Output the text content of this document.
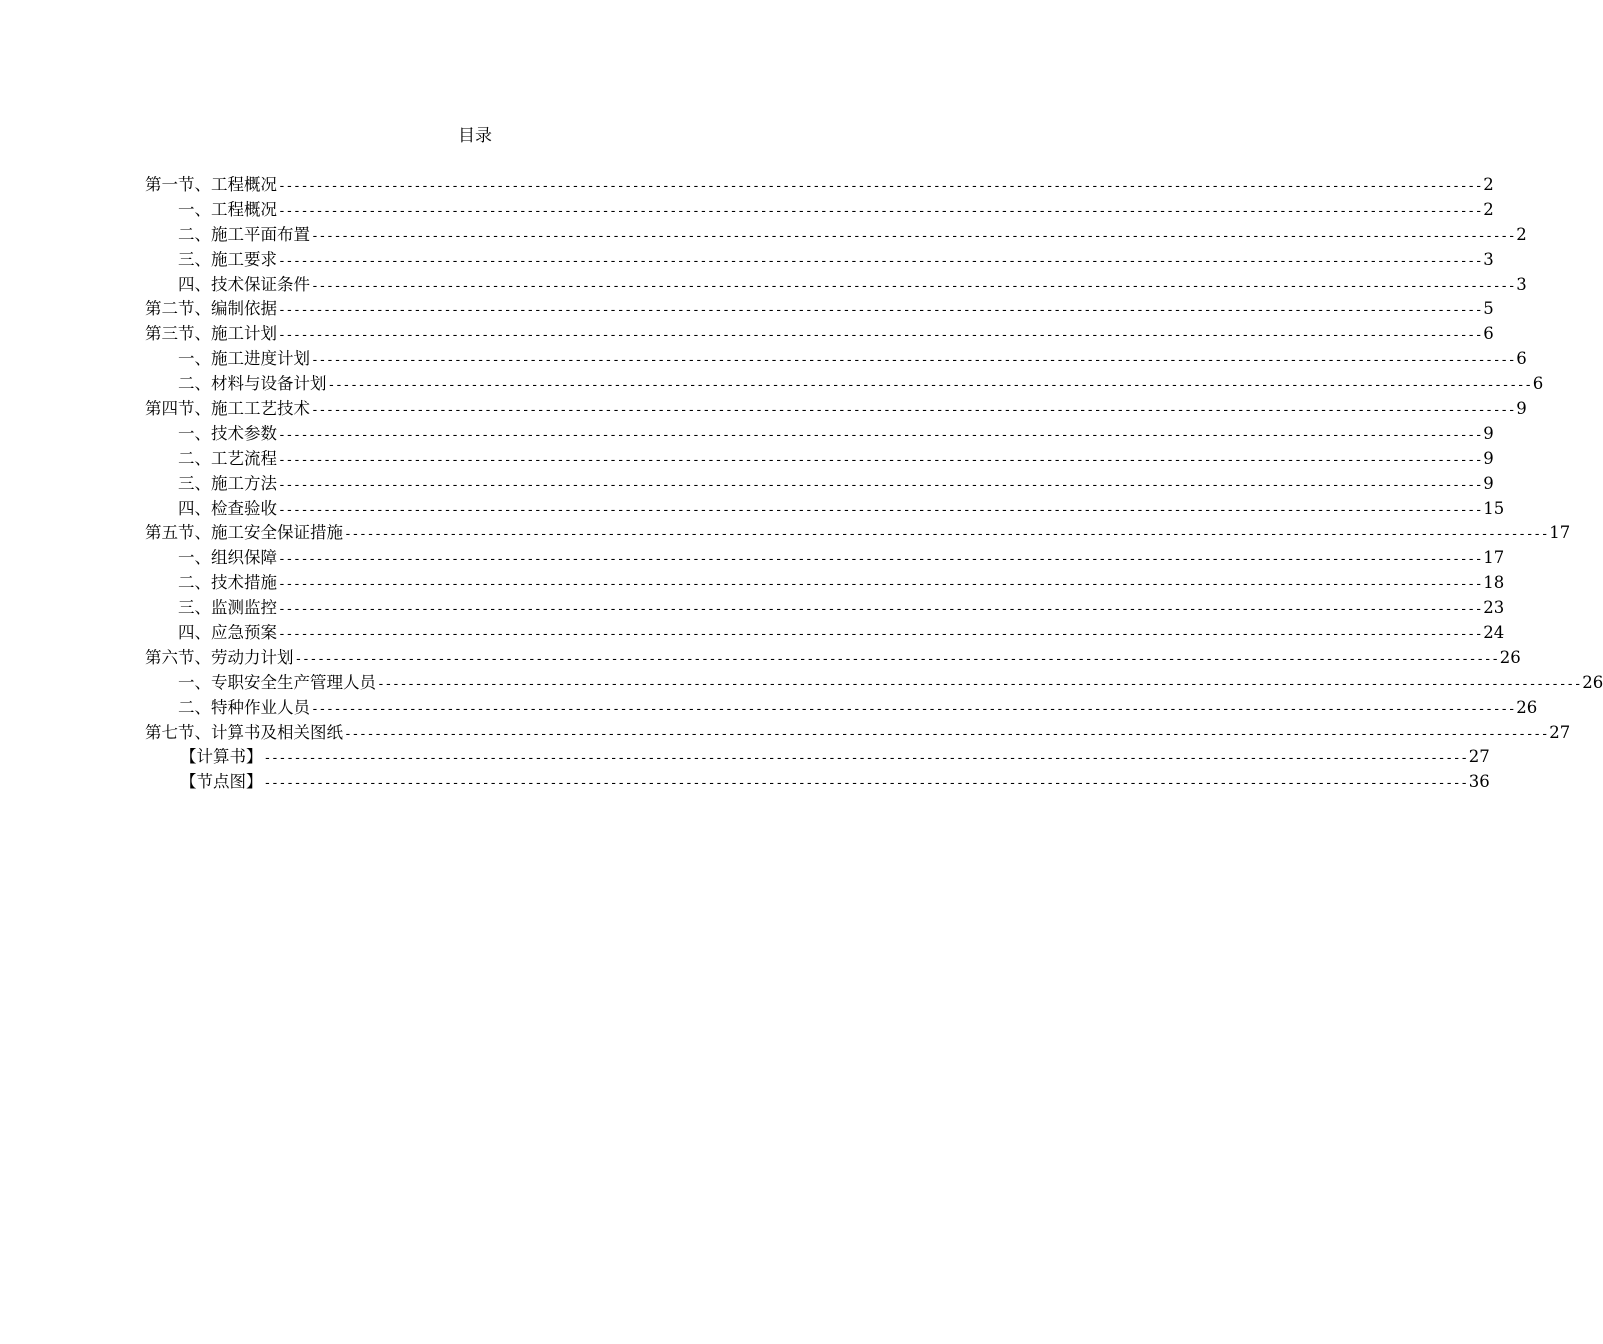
目录
第一节、工程概况 ---------------------------------------------------------------------------------------------------------------------------------------------------------------- 2
一、工程概况 ---------------------------------------------------------------------------------------------------------------------------------------------------------------- 2
二、施工平面布置 ---------------------------------------------------------------------------------------------------------------------------------------------------------------- 2
三、施工要求 ---------------------------------------------------------------------------------------------------------------------------------------------------------------- 3
四、技术保证条件 ---------------------------------------------------------------------------------------------------------------------------------------------------------------- 3
第二节、编制依据 ---------------------------------------------------------------------------------------------------------------------------------------------------------------- 5
第三节、施工计划 ---------------------------------------------------------------------------------------------------------------------------------------------------------------- 6
一、施工进度计划 ---------------------------------------------------------------------------------------------------------------------------------------------------------------- 6
二、材料与设备计划 ---------------------------------------------------------------------------------------------------------------------------------------------------------------- 6
第四节、施工工艺技术 ---------------------------------------------------------------------------------------------------------------------------------------------------------------- 9
一、技术参数 ---------------------------------------------------------------------------------------------------------------------------------------------------------------- 9
二、工艺流程 ---------------------------------------------------------------------------------------------------------------------------------------------------------------- 9
三、施工方法 ---------------------------------------------------------------------------------------------------------------------------------------------------------------- 9
四、检查验收 ---------------------------------------------------------------------------------------------------------------------------------------------------------------- 15
第五节、施工安全保证措施 ---------------------------------------------------------------------------------------------------------------------------------------------------------------- 17
一、组织保障 ---------------------------------------------------------------------------------------------------------------------------------------------------------------- 17
二、技术措施 ---------------------------------------------------------------------------------------------------------------------------------------------------------------- 18
三、监测监控 ---------------------------------------------------------------------------------------------------------------------------------------------------------------- 23
四、应急预案 ---------------------------------------------------------------------------------------------------------------------------------------------------------------- 24
第六节、劳动力计划 ---------------------------------------------------------------------------------------------------------------------------------------------------------------- 26
一、专职安全生产管理人员 ---------------------------------------------------------------------------------------------------------------------------------------------------------------- 26
二、特种作业人员 ---------------------------------------------------------------------------------------------------------------------------------------------------------------- 26
第七节、计算书及相关图纸 ---------------------------------------------------------------------------------------------------------------------------------------------------------------- 27
【计算书】 ---------------------------------------------------------------------------------------------------------------------------------------------------------------- 27
【节点图】 ---------------------------------------------------------------------------------------------------------------------------------------------------------------- 36
